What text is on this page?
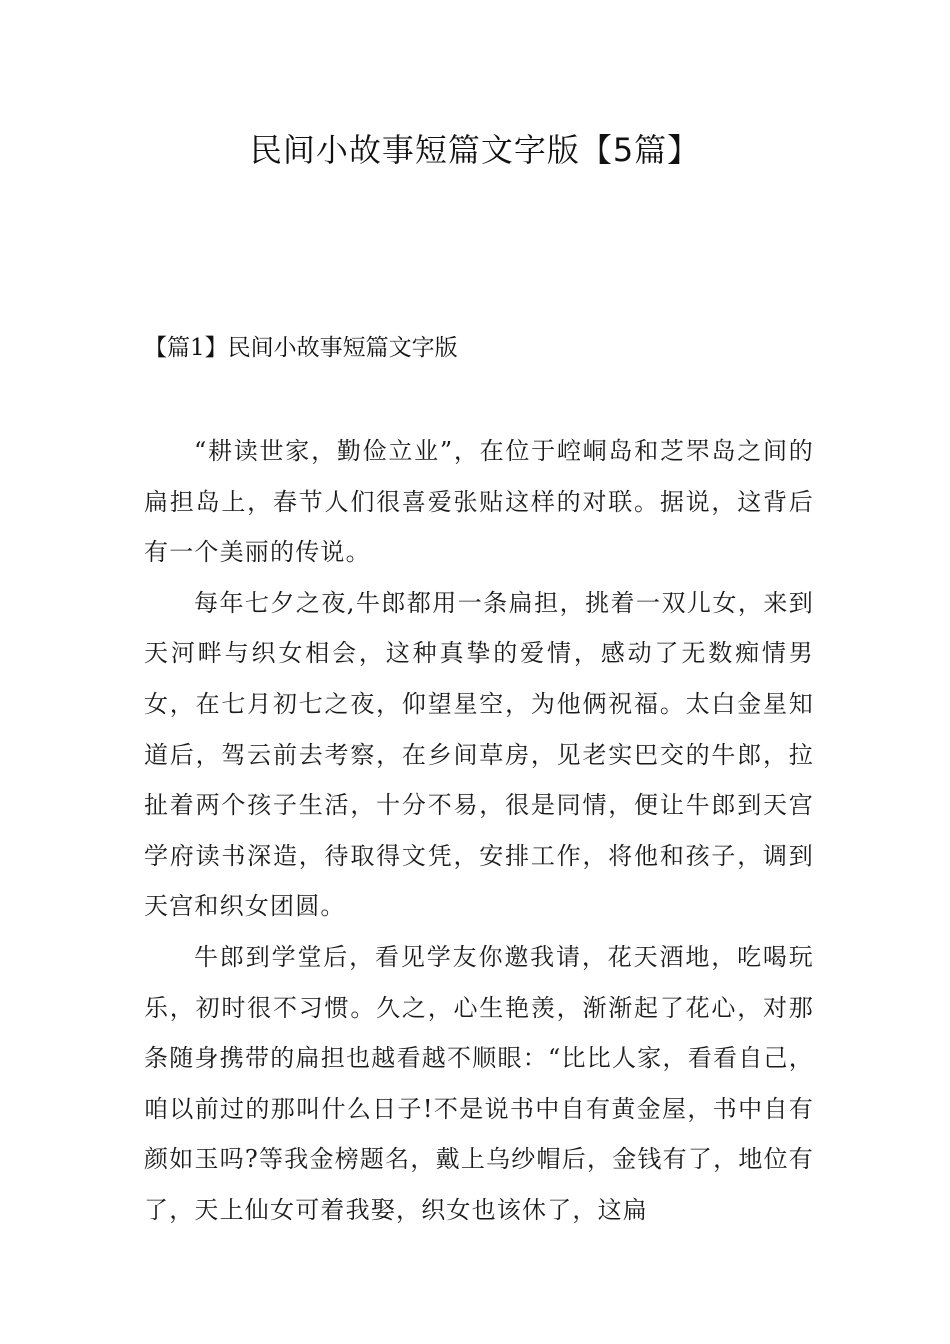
民间小故事短篇文字版【5篇】
【篇1】民间小故事短篇文字版

“耕读世家，勤俭立业”，在位于崆峒岛和芝罘岛之间的扁担岛上，春节人们很喜爱张贴这样的对联。据说，这背后有一个美丽的传说。

每年七夕之夜,牛郎都用一条扁担，挑着一双儿女，来到天河畔与织女相会，这种真挚的爱情，感动了无数痴情男女，在七月初七之夜，仰望星空，为他俩祝福。太白金星知道后，驾云前去考察，在乡间草房，见老实巴交的牛郎，拉扯着两个孩子生活，十分不易，很是同情，便让牛郎到天宫学府读书深造，待取得文凭，安排工作，将他和孩子，调到天宫和织女团圆。

牛郎到学堂后，看见学友你邀我请，花天酒地，吃喝玩乐，初时很不习惯。久之，心生艳羡，渐渐起了花心，对那条随身携带的扁担也越看越不顺眼：“比比人家，看看自己，咱以前过的那叫什么日子!不是说书中自有黄金屋，书中自有颜如玉吗?等我金榜题名，戴上乌纱帽后，金钱有了，地位有了，天上仙女可着我娶，织女也该休了，这扁
